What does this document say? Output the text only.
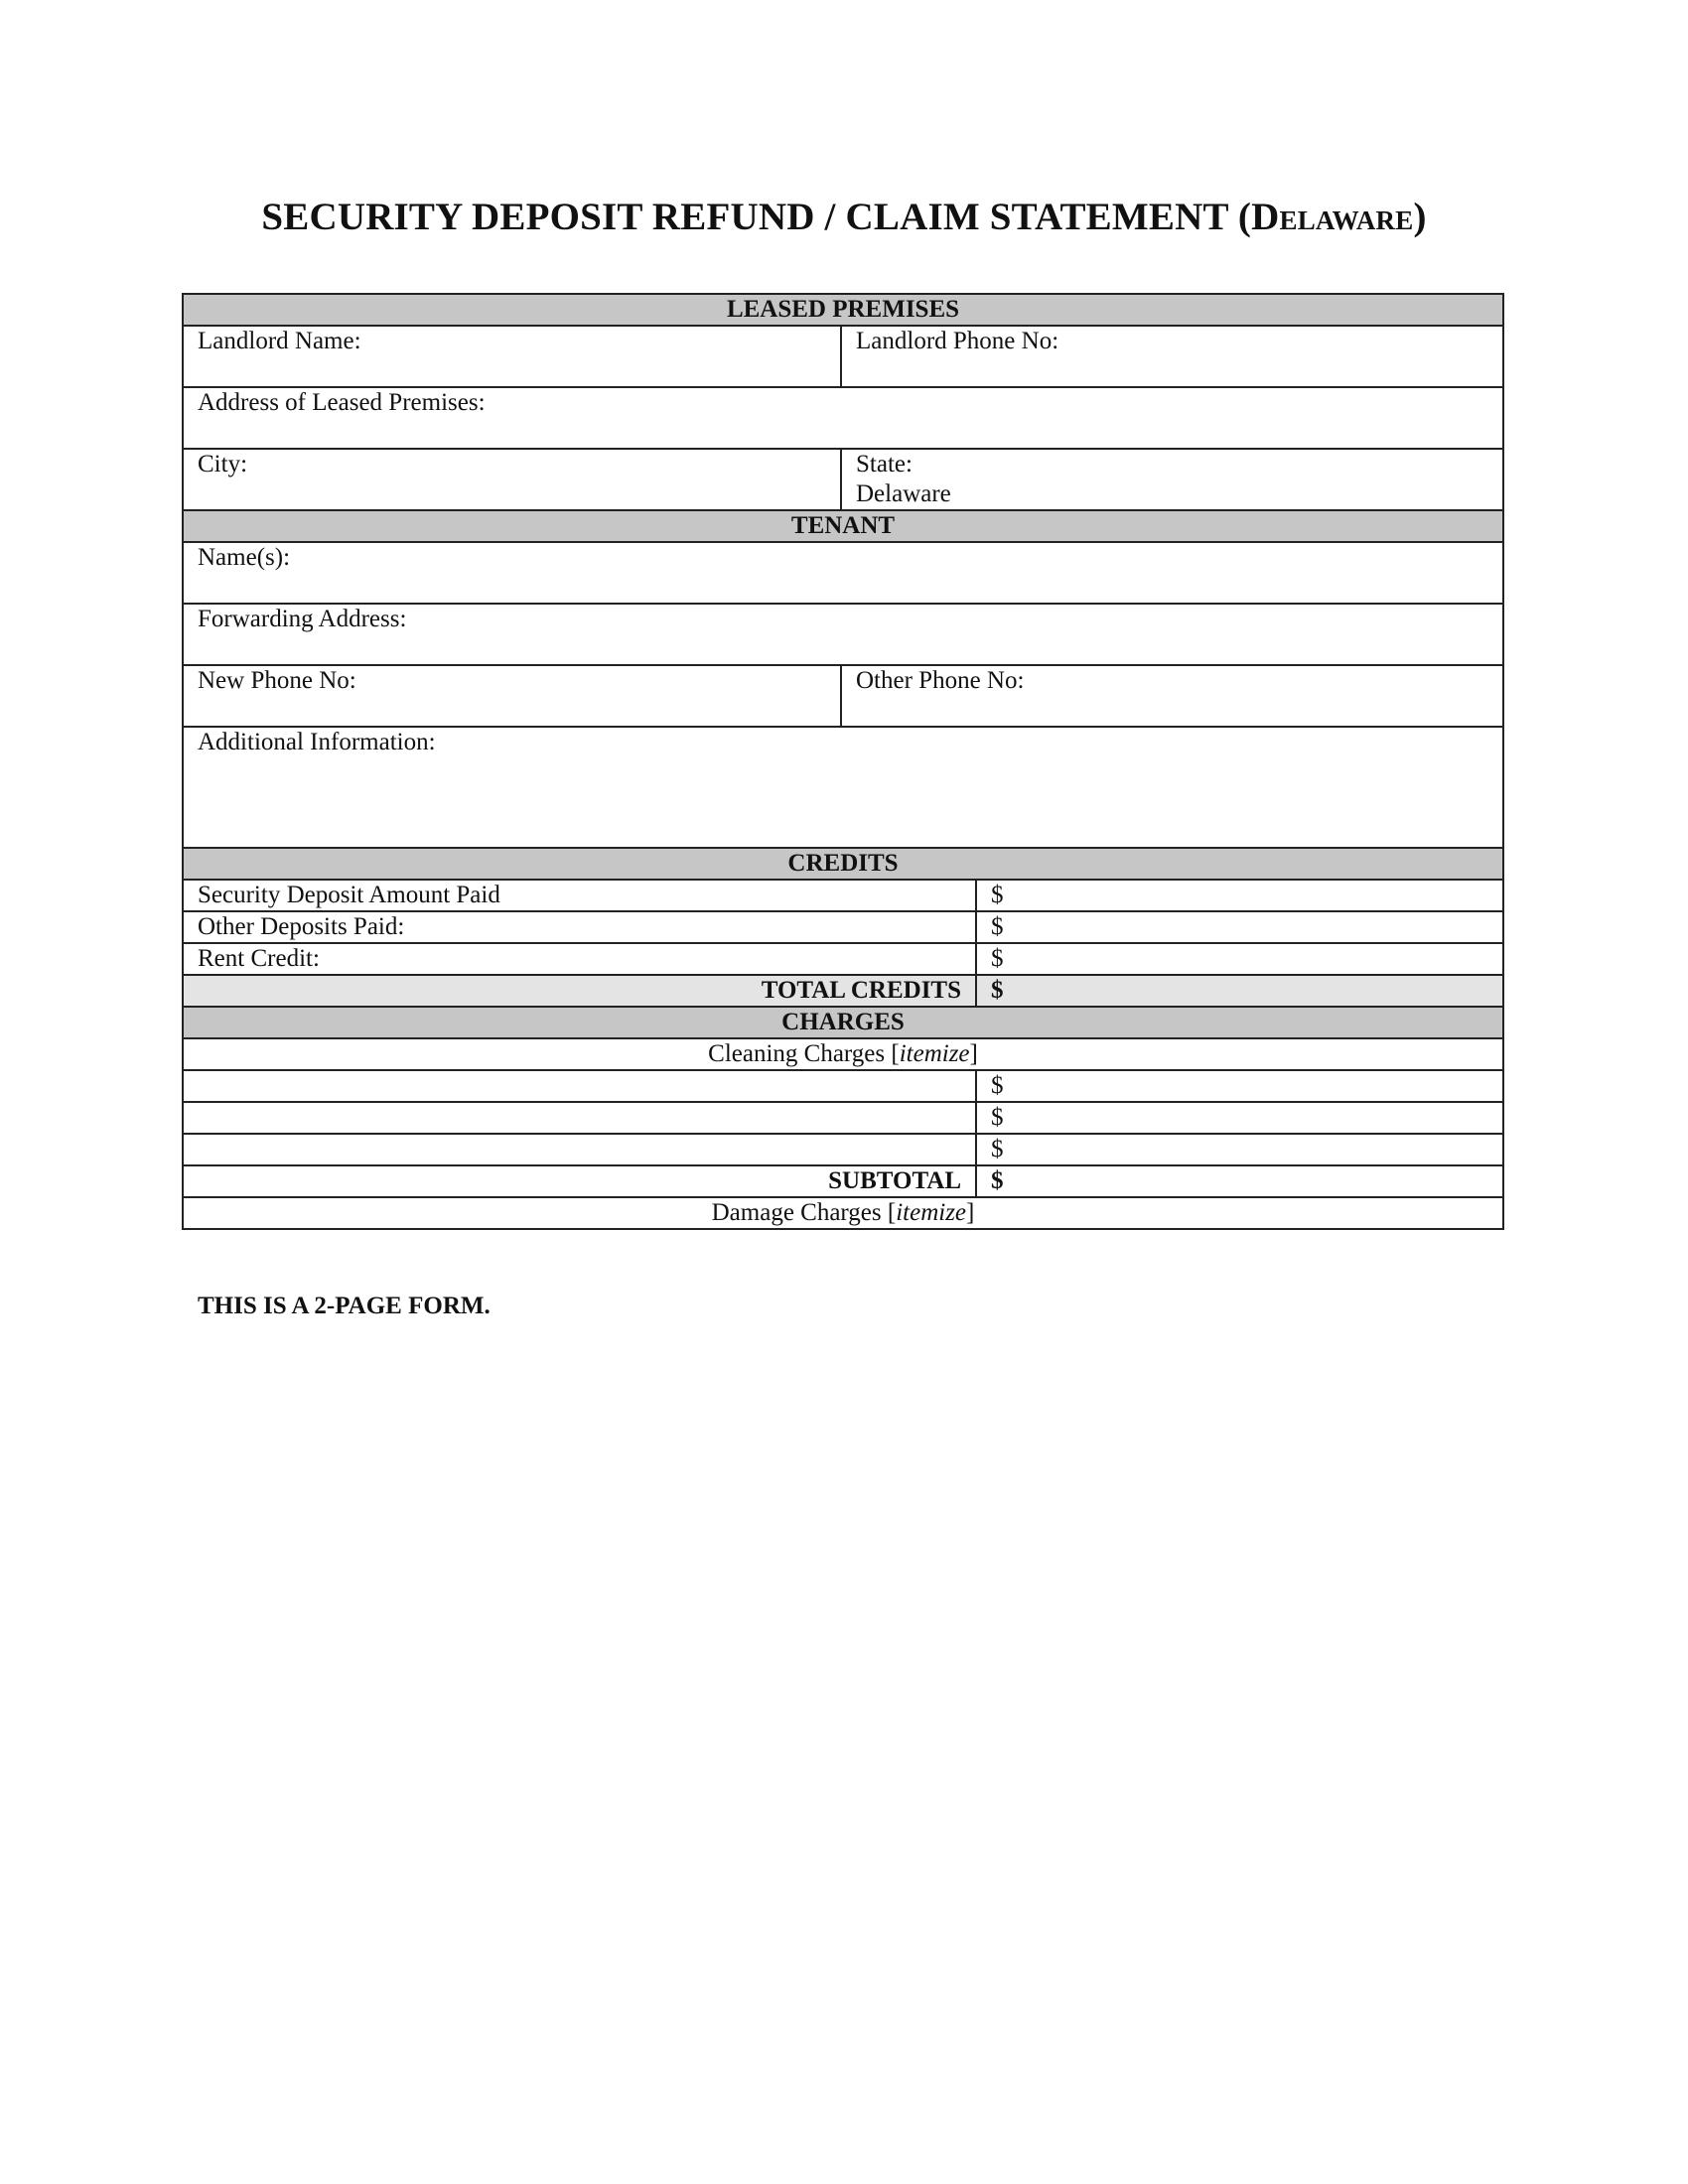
SECURITY DEPOSIT REFUND / CLAIM STATEMENT (Delaware)
LEASED PREMISES		
Landlord Name:	Landlord Phone No:	
Address of Leased Premises:		
City:	State:
Delaware	

TENANT		
Name(s):		
Forwarding Address:		
New Phone No:	Other Phone No:	
Additional Information:		
CREDITS		
Security Deposit Amount Paid		$
Other Deposits Paid:		$
Rent Credit:		$
TOTAL CREDITS		$
CHARGES		
Cleaning Charges [itemize]		
		$
		$
		$
SUBTOTAL		$
Damage Charges [itemize]		
THIS IS A 2-PAGE FORM.
